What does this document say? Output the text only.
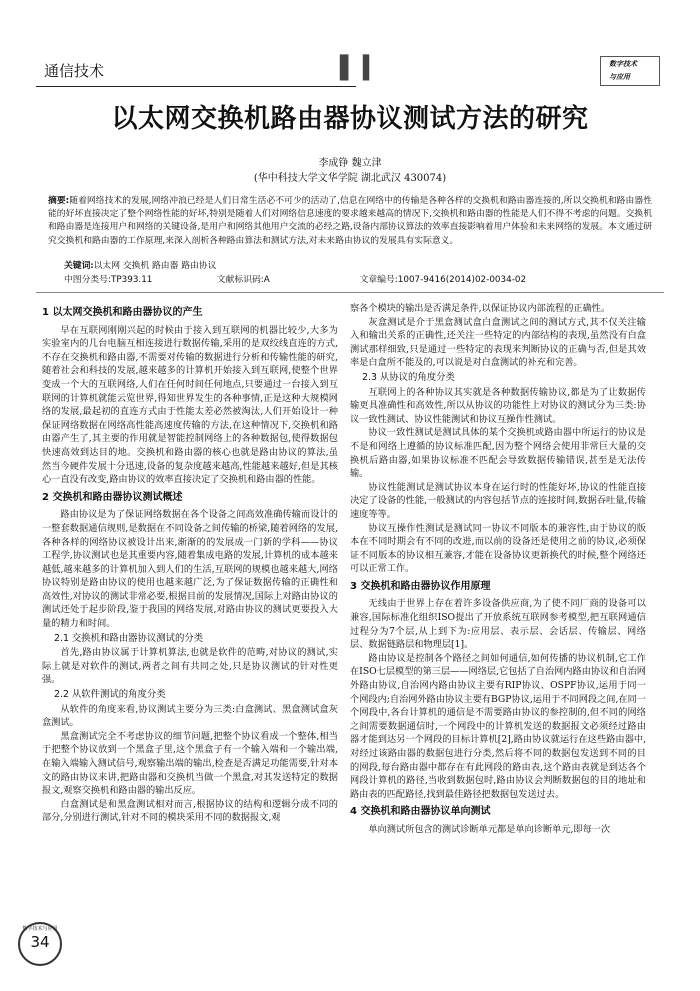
通信技术	▌▍	数字技术
与应用
以太网交换机路由器协议测试方法的研究
李成铮 魏立津
(华中科技大学文华学院 湖北武汉 430074)
摘要:随着网络技术的发展,网络冲浪已经是人们日常生活必不可少的活动了,信息在网络中的传输是各种各样的交换机和路由器连接的,所以交换机和路由器性能的好坏直接决定了整个网络性能的好坏,特别是随着人们对网络信息速度的要求越来越高的情况下,交换机和路由器的性能是人们不得不考虑的问题。交换机和路由器是连接用户和网络的关键设备,是用户和网络其他用户交流的必经之路,设备内部协议算法的效率直接影响着用户体验和未来网络的发展。本文通过研究交换机和路由器的工作原理,来深入剖析各种路由算法和测试方法,对未来路由协议的发展具有实际意义。
关键词:以太网 交换机 路由器 路由协议
中图分类号:TP393.11	文献标识码:A	文章编号:1007-9416(2014)02-0034-02
1 以太网交换机和路由器协议的产生

早在互联网刚刚兴起的时候由于接入到互联网的机器比较少,大多为实验室内的几台电脑互相连接进行数据传输,采用的是双绞线直连的方式,不存在交换机和路由器,不需要对传输的数据进行分析和传输性能的研究,随着社会和科技的发展,越来越多的计算机开始接入到互联网,使整个世界变成一个大的互联网络,人们在任何时间任何地点,只要通过一台接入到互联网的计算机就能云览世界,得知世界发生的各种事情,正是这种大规模网络的发展,最起初的直连方式由于性能太差必然被淘汰,人们开始设计一种保证网络数据在网络高性能高速度传输的方法,在这种情况下,交换机和路由器产生了,其主要的作用就是智能控制网络上的各种数据包,使得数据包快速高效到达目的地。交换机和路由器的核心也就是路由协议的算法,虽然当今硬件发展十分迅速,设备的复杂度越来越高,性能越来越好,但是其核心一直没有改变,路由协议的效率直接决定了交换机和路由器的性能。

2 交换机和路由器协议测试概述

路由协议是为了保证网络数据在各个设备之间高效准确传输而设计的一整套数据通信规则,是数据在不同设备之间传输的桥梁,随着网络的发展,各种各样的网络协议被设计出来,渐渐的的发展成一门新的学科——协议工程学,协议测试也是其重要内容,随着集成电路的发展,计算机的成本越来越低,越来越多的计算机加入到人们的生活,互联网的规模也越来越大,网络协议特别是路由协议的使用也越来越广泛,为了保证数据传输的正确性和高效性,对协议的测试非常必要,根据目前的发展情况,国际上对路由协议的测试还处于起步阶段,鉴于我国的网络发展,对路由协议的测试更要投入大量的精力和时间。

2.1 交换机和路由器协议测试的分类

首先,路由协议属于计算机算法,也就是软件的范畴,对协议的测试,实际上就是对软件的测试,两者之间有共同之处,只是协议测试的针对性更强。

2.2 从软件测试的角度分类

从软件的角度来看,协议测试主要分为三类:白盒测试、黑盒测试盒灰盒测试。

黑盒测试完全不考虑协议的细节问题,把整个协议看成一个整体,相当于把整个协议放到一个黑盒子里,这个黑盒子有一个输入端和一个输出端,在输入端输入测试信号,观察输出端的输出,检查是否满足功能需要,针对本文的路由协议来讲,把路由器和交换机当做一个黑盒,对其发送特定的数据报文,观察交换机和路由器的输出反应。

白盒测试是和黑盒测试相对而言,根据协议的结构和逻辑分成不同的部分,分别进行测试,针对不同的模块采用不同的数据报文,观

察各个模块的输出是否满足条件,以保证协议内部流程的正确性。

灰盒测试是介于黑盒测试盒白盒测试之间的测试方式,其不仅关注输入和输出关系的正确性,还关注一些特定的内部结构的表现,虽然没有白盒测试那样细致,只是通过一些特定的表现来判断协议的正确与否,但是其效率是白盒所不能及的,可以说是对白盒测试的补充和完善。

2.3 从协议的角度分类

互联网上的各种协议其实就是各种数据传输协议,都是为了让数据传输更具准确性和高效性,所以从协议的功能性上对协议的测试分为三类:协议一致性测试、协议性能测试和协议互操作性测试。

协议一致性测试是测试具体的某个交换机或路由器中所运行的协议是不是和网络上遵循的协议标准匹配,因为整个网络会使用非常巨大量的交换机后路由器,如果协议标准不匹配会导致数据传输错误,甚至是无法传输。

协议性能测试是测试协议本身在运行时的性能好坏,协议的性能直接决定了设备的性能,一般测试的内容包括节点的连接时间,数据吞吐量,传输速度等等。

协议互操作性测试是测试同一协议不同版本的兼容性,由于协议的版本在不同时期会有不同的改进,而以前的设备还是使用之前的协议,必须保证不同版本的协议相互兼容,才能在设备协议更新换代的时候,整个网络还可以正常工作。

3 交换机和路由器协议作用原理

无线由于世界上存在着许多设备供应商,为了使不同厂商的设备可以兼容,国际标准化组织ISO提出了开放系统互联网参考模型,把互联网通信过程分为7个层,从上到下为:应用层、表示层、会话层、传输层、网络层、数据链路层和物理层[1]。

路由协议是控制各个路径之间如何通信,如何传播的协议机制,它工作在ISO七层模型的第三层——网络层,它包括了自治网内路由协议和自治网外路由协议,自治网内路由协议主要有RIP协议、OSPF协议,运用于同一个网段内;自治网外路由协议主要有BGP协议,运用于不同网段之间,在同一个网段中,各台计算机的通信是不需要路由协议的参控制的,但不同的网络之间需要数据通信时,一个网段中的计算机发送的数据报文必须经过路由器才能到达另一个网段的目标计算机[2],路由协议就运行在这些路由器中,对经过该路由器的数据包进行分类,然后将不同的数据包发送到不同的目的网段,每台路由器中都存在有此网段的路由表,这个路由表就是到达各个网段计算机的路径,当收到数据包时,路由协议会判断数据包的目的地址和路由表的匹配路径,找到最佳路径把数据包发送过去。

4 交换机和路由器协议单向测试

单向测试所包含的测试诊断单元都是单向诊断单元,即每一次

数字技术与应用
34
